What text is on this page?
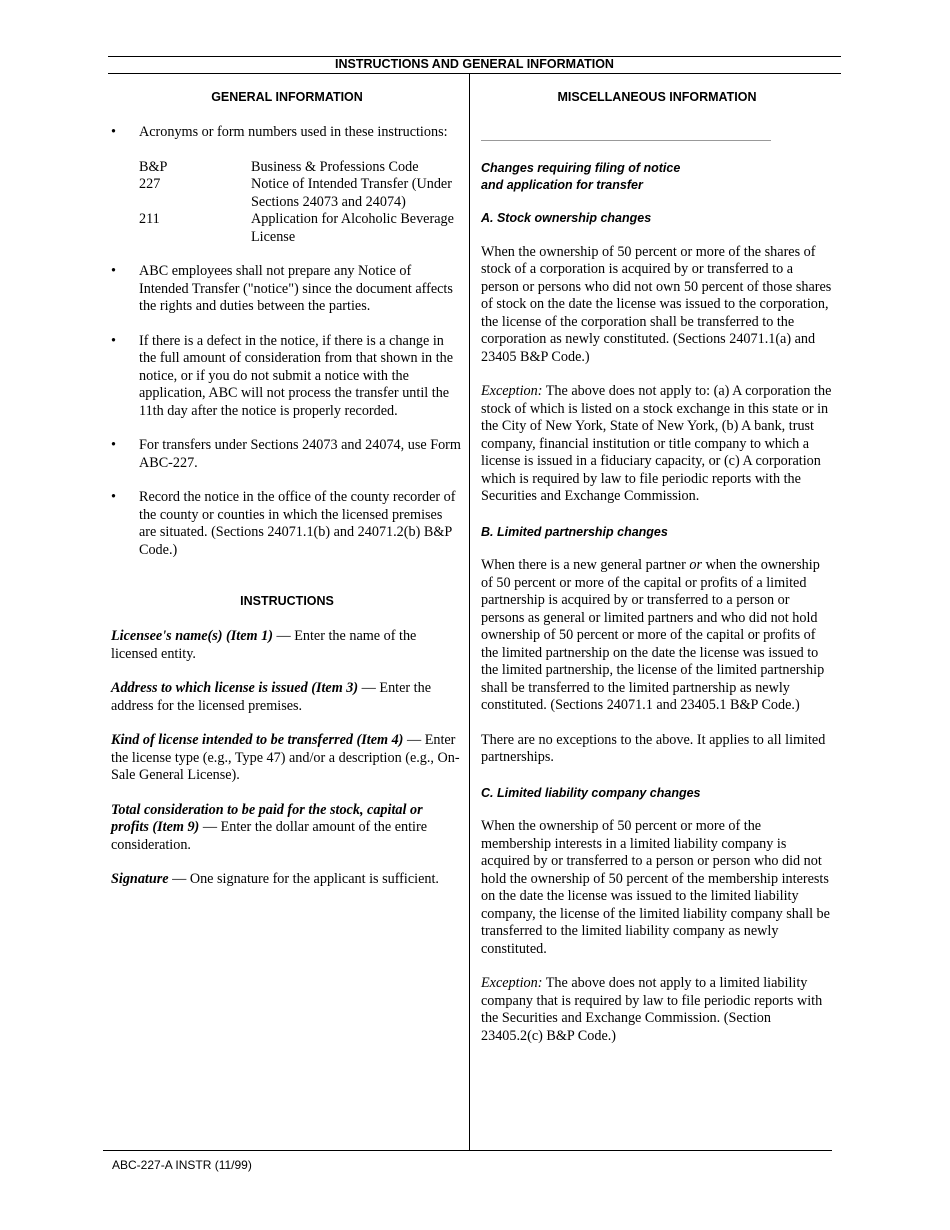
INSTRUCTIONS AND GENERAL INFORMATION
GENERAL INFORMATION
• Acronyms or form numbers used in these instructions:

B&P	Business & Professions Code
227	Notice of Intended Transfer (Under Sections 24073 and 24074)
211	Application for Alcoholic Beverage License
• ABC employees shall not prepare any Notice of Intended Transfer ("notice") since the document affects the rights and duties between the parties.

• If there is a defect in the notice, if there is a change in the full amount of consideration from that shown in the notice, or if you do not submit a notice with the application, ABC will not process the transfer until the 11th day after the notice is properly recorded.

• For transfers under Sections 24073 and 24074, use Form ABC-227.

• Record the notice in the office of the county recorder of the county or counties in which the licensed premises are situated. (Sections 24071.1(b) and 24071.2(b) B&P Code.)

INSTRUCTIONS

Licensee's name(s) (Item 1) — Enter the name of the licensed entity.

Address to which license is issued (Item 3) — Enter the address for the licensed premises.

Kind of license intended to be transferred (Item 4) — Enter the license type (e.g., Type 47) and/or a description (e.g., On-Sale General License).

Total consideration to be paid for the stock, capital or profits (Item 9) — Enter the dollar amount of the entire consideration.

Signature — One signature for the applicant is sufficient.

MISCELLANEOUS INFORMATION
Changes requiring filing of notice
and application for transfer
A. Stock ownership changes

When the ownership of 50 percent or more of the shares of stock of a corporation is acquired by or transferred to a person or persons who did not own 50 percent of those shares of stock on the date the license was issued to the corporation, the license of the corporation shall be transferred to the corporation as newly constituted. (Sections 24071.1(a) and 23405 B&P Code.)

Exception: The above does not apply to: (a) A corporation the stock of which is listed on a stock exchange in this state or in the City of New York, State of New York, (b) A bank, trust company, financial institution or title company to which a license is issued in a fiduciary capacity, or (c) A corporation which is required by law to file periodic reports with the Securities and Exchange Commission.

B. Limited partnership changes

When there is a new general partner or when the ownership of 50 percent or more of the capital or profits of a limited partnership is acquired by or transferred to a person or persons as general or limited partners and who did not hold ownership of 50 percent or more of the capital or profits of the limited partnership on the date the license was issued to the limited partnership, the license of the limited partnership shall be transferred to the limited partnership as newly constituted. (Sections 24071.1 and 23405.1 B&P Code.)

There are no exceptions to the above. It applies to all limited partnerships.

C. Limited liability company changes

When the ownership of 50 percent or more of the membership interests in a limited liability company is acquired by or transferred to a person or person who did not hold the ownership of 50 percent of the membership interests on the date the license was issued to the limited liability company, the license of the limited liability company shall be transferred to the limited liability company as newly constituted.

Exception: The above does not apply to a limited liability company that is required by law to file periodic reports with the Securities and Exchange Commission. (Section 23405.2(c) B&P Code.)

ABC-227-A INSTR (11/99)
